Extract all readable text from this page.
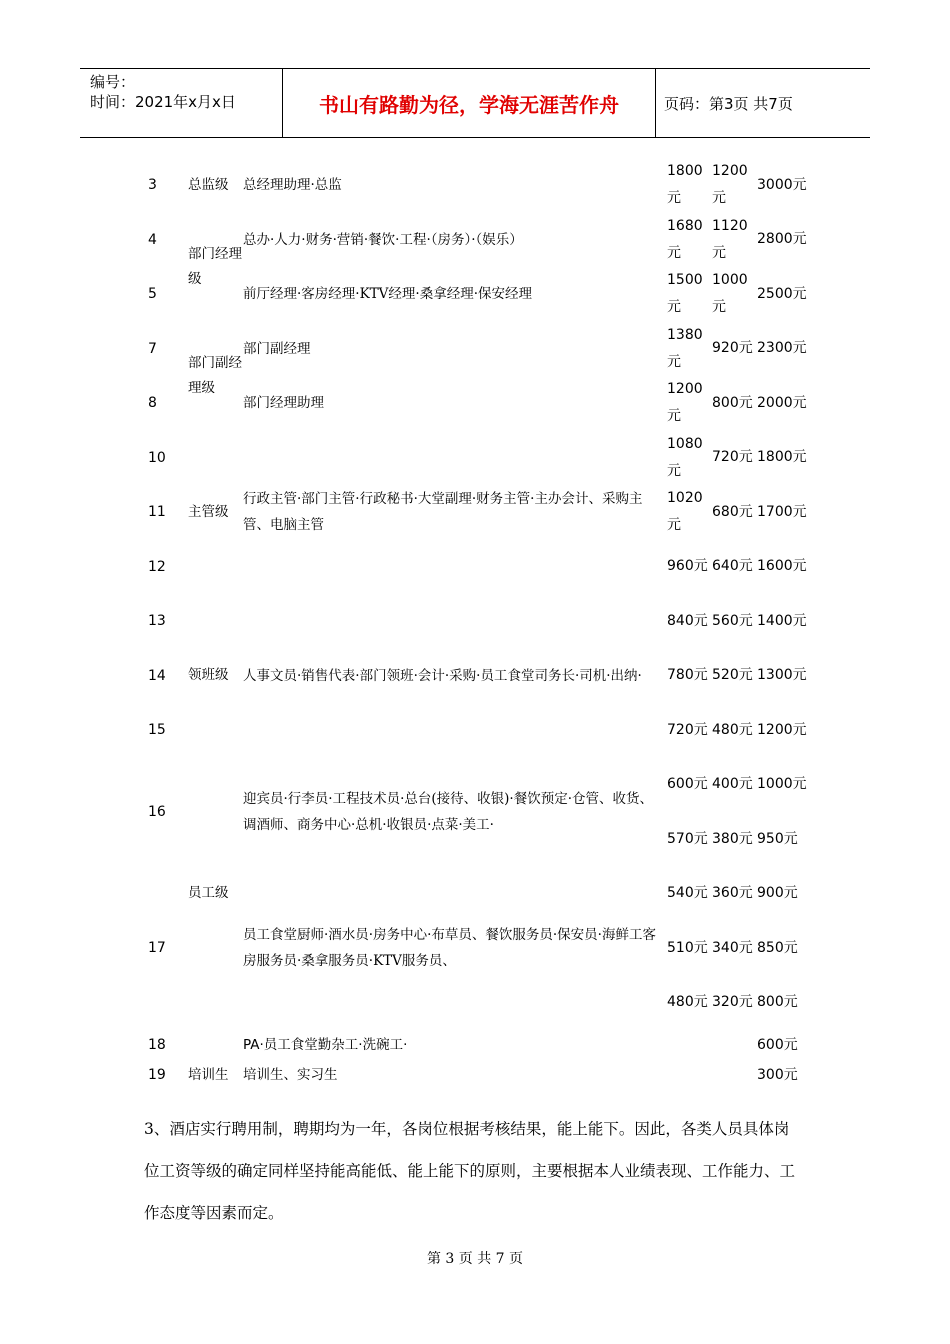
编号：
时间：2021年x月x日	书山有路勤为径，学海无涯苦作舟	页码：第3页 共7页
3	总监级	总经理助理·总监	1800元	1200元	3000元
4	部门经理级	总办·人力·财务·营销·餐饮·工程·（房务）·（娱乐）	1680元	1120元	2800元
5		前厅经理·客房经理·KTV经理·桑拿经理·保安经理	1500元	1000元	2500元
7	部门副经理级	部门副经理	1380元	920元	2300元
8		部门经理助理	1200元	800元	2000元
10	主管级		1080元	720元	1800元
11		行政主管·部门主管·行政秘书·大堂副理·财务主管·主办会计、采购主管、电脑主管	1020元	680元	1700元
12			960元	640元	1600元
13	领班级		840元	560元	1400元
14		人事文员·销售代表·部门领班·会计·采购·员工食堂司务长·司机·出纳·	780元	520元	1300元
15			720元	480元	1200元
16	员工级	迎宾员·行李员·工程技术员·总台(接待、收银)·餐饮预定·仓管、收货、调酒师、商务中心·总机·收银员·点菜·美工·	600元	400元	1000元
			570元	380元	950元
17		员工食堂厨师·酒水员·房务中心·布草员、餐饮服务员·保安员·海鲜工客房服务员·桑拿服务员·KTV服务员、	540元	360元	900元
			510元	340元	850元
			480元	320元	800元
18		PA·员工食堂勤杂工·洗碗工·			600元
19	培训生	培训生、实习生			300元
3、酒店实行聘用制，聘期均为一年，各岗位根据考核结果，能上能下。因此，各类人员具体岗位工资等级的确定同样坚持能高能低、能上能下的原则，主要根据本人业绩表现、工作能力、工作态度等因素而定。
第 3 页 共 7 页
